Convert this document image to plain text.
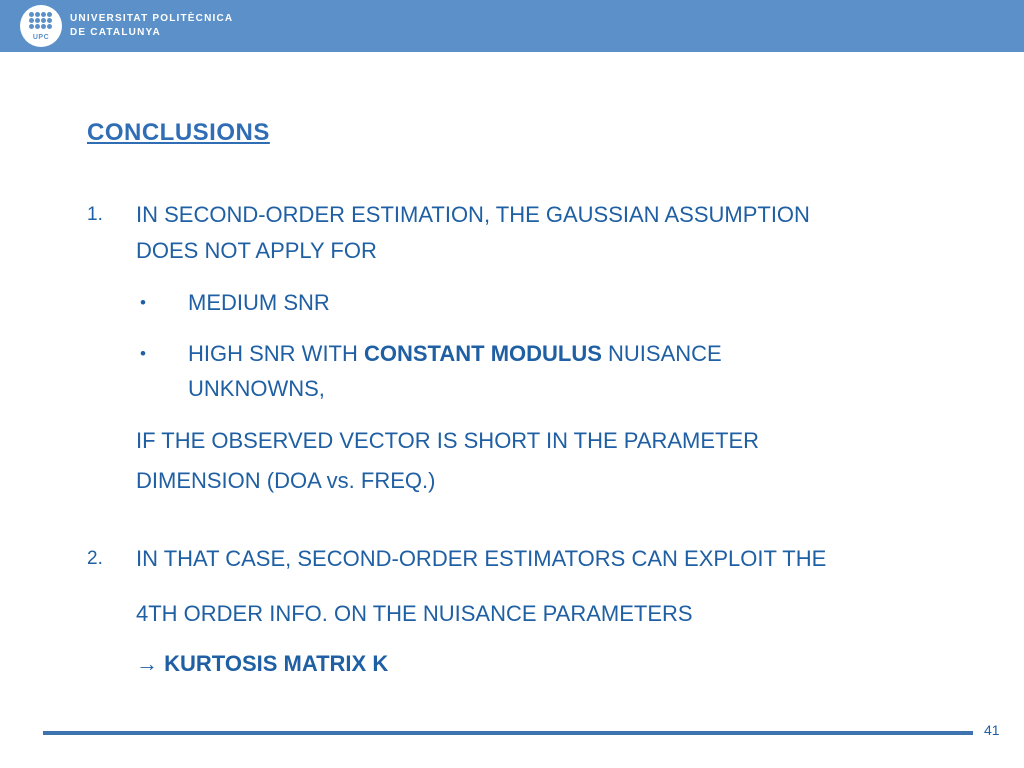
UPC
UNIVERSITAT POLITÈCNICA
DE CATALUNYA
CONCLUSIONS
1. IN SECOND-ORDER ESTIMATION, THE GAUSSIAN ASSUMPTION
DOES NOT APPLY FOR
• MEDIUM SNR
• HIGH SNR WITH CONSTANT MODULUS NUISANCE
UNKNOWNS,
IF THE OBSERVED VECTOR IS SHORT IN THE PARAMETER
DIMENSION (DOA vs. FREQ.)
2. IN THAT CASE, SECOND-ORDER ESTIMATORS CAN EXPLOIT THE
4TH ORDER INFO. ON THE NUISANCE PARAMETERS
→ KURTOSIS MATRIX K
41
